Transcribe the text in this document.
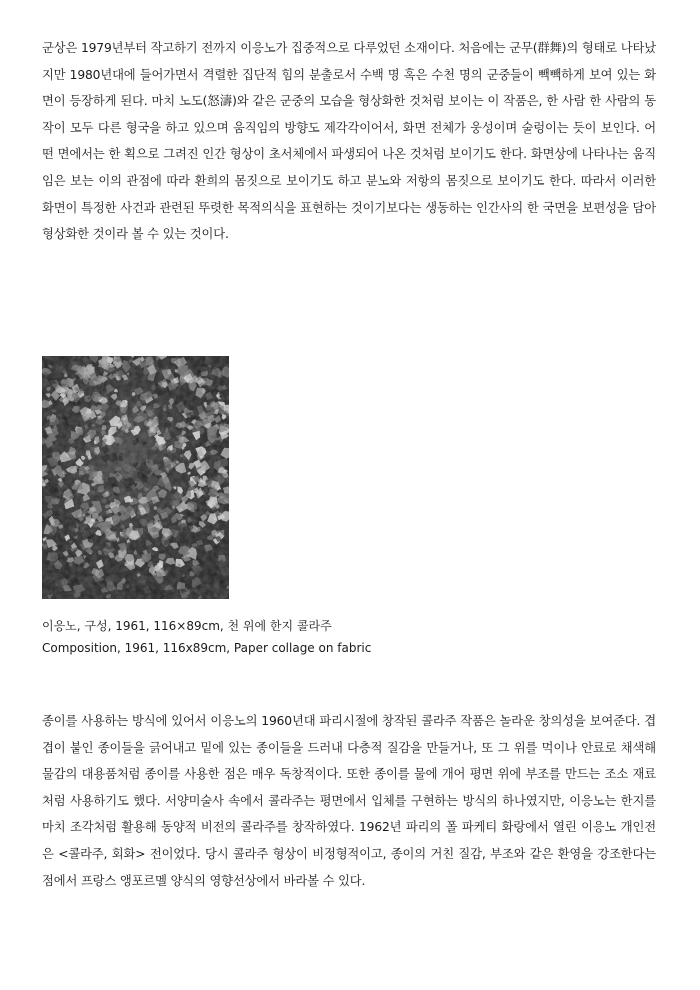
군상은 1979년부터 작고하기 전까지 이응노가 집중적으로 다루었던 소재이다. 처음에는 군무(群舞)의 형태로 나타났지만 1980년대에 들어가면서 격렬한 집단적 힘의 분출로서 수백 명 혹은 수천 명의 군중들이 빽빽하게 보여 있는 화면이 등장하게 된다. 마치 노도(怒濤)와 같은 군중의 모습을 형상화한 것처럼 보이는 이 작품은, 한 사람 한 사람의 동작이 모두 다른 형국을 하고 있으며 움직임의 방향도 제각각이어서, 화면 전체가 웅성이며 술렁이는 듯이 보인다. 어떤 면에서는 한 획으로 그려진 인간 형상이 초서체에서 파생되어 나온 것처럼 보이기도 한다. 화면상에 나타나는 움직임은 보는 이의 관점에 따라 환희의 몸짓으로 보이기도 하고 분노와 저항의 몸짓으로 보이기도 한다. 따라서 이러한 화면이 특정한 사건과 관련된 뚜렷한 목적의식을 표현하는 것이기보다는 생동하는 인간사의 한 국면을 보편성을 담아 형상화한 것이라 볼 수 있는 것이다.

이응노, 구성, 1961, 116×89cm, 천 위에 한지 콜라주

Composition, 1961, 116x89cm, Paper collage on fabric

종이를 사용하는 방식에 있어서 이응노의 1960년대 파리시절에 창작된 콜라주 작품은 놀라운 창의성을 보여준다. 겹겹이 붙인 종이들을 긁어내고 밑에 있는 종이들을 드러내 다층적 질감을 만들거나, 또 그 위를 먹이나 안료로 채색해 물감의 대용품처럼 종이를 사용한 점은 매우 독창적이다. 또한 종이를 물에 개어 평면 위에 부조를 만드는 조소 재료처럼 사용하기도 했다. 서양미술사 속에서 콜라주는 평면에서 입체를 구현하는 방식의 하나였지만, 이응노는 한지를 마치 조각처럼 활용해 동양적 비전의 콜라주를 창작하였다. 1962년 파리의 폴 파케티 화랑에서 열린 이응노 개인전은 <콜라주, 회화> 전이었다. 당시 콜라주 형상이 비정형적이고, 종이의 거친 질감, 부조와 같은 환영을 강조한다는 점에서 프랑스 앵포르멜 양식의 영향선상에서 바라볼 수 있다.
